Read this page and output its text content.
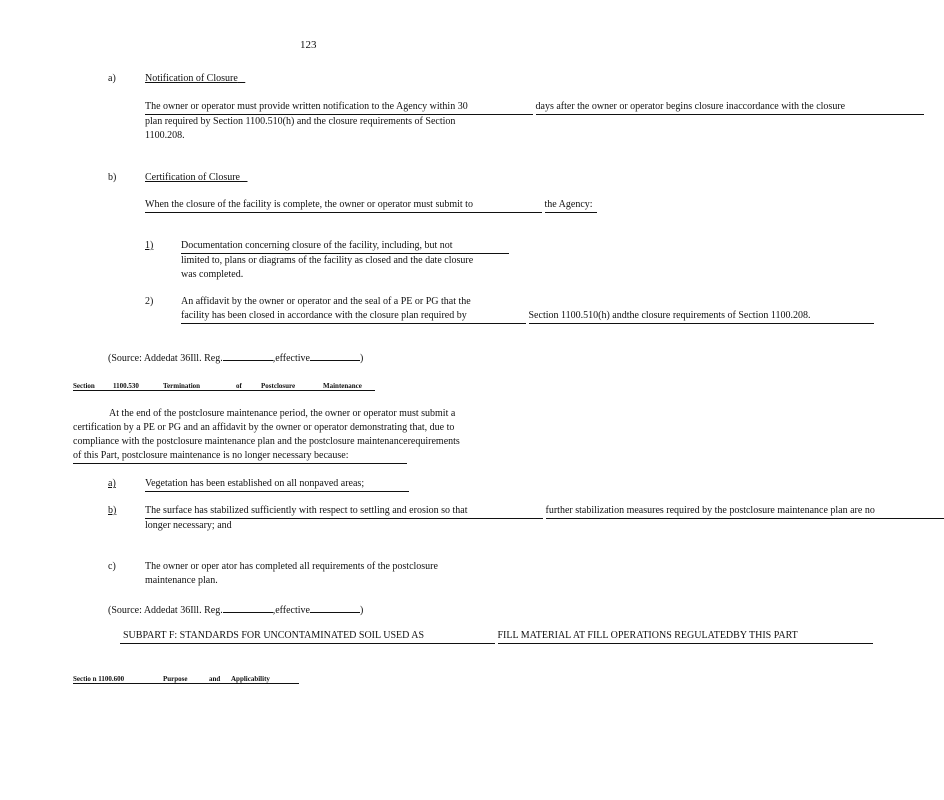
123
a)	Notification of Closure
The owner or operator must provide written notification to the Agency within 30	days after the owner or operator begins closure inaccordance with the closure
plan required by Section 1100.510(h) and the closure requirements of Section
1100.208.
b)	Certification of Closure
When the closure of the facility is complete, the owner or operator must submit to	the Agency:
1)	Documentation concerning closure of the facility, including, but not
limited to, plans or diagrams of the facility as closed and the date closure
was completed.
2)	An affidavit by the owner or operator and the seal of a PE or PG that the
facility has been closed in accordance with the closure plan required by	Section 1100.510(h) andthe closure requirements of Section 1100.208.
(Source: Addedat 36Ill. Reg.	,effective	)
Section	1100.530	Termination	of	Postclosure	Maintenance
At the end of the postclosure maintenance period, the owner or operator must submit a
certification by a PE or PG and an affidavit by the owner or operator demonstrating that, due to
compliance with the postclosure maintenance plan and the postclosure maintenancerequirements
of this Part, postclosure maintenance is no longer necessary because:
a)	Vegetation has been established on all nonpaved areas;
b)	The surface has stabilized sufficiently with respect to settling and erosion so that	further stabilization measures required by the postclosure maintenance plan are no
longer necessary; and
c)	The owner or oper ator has completed all requirements of the postclosure
maintenance plan.
(Source: Addedat 36Ill. Reg.	,effective	)
SUBPART F: STANDARDS FOR UNCONTAMINATED SOIL USED AS	FILL MATERIAL AT FILL OPERATIONS REGULATEDBY THIS PART
Sectio n 1100.600	Purpose	and Applicability
